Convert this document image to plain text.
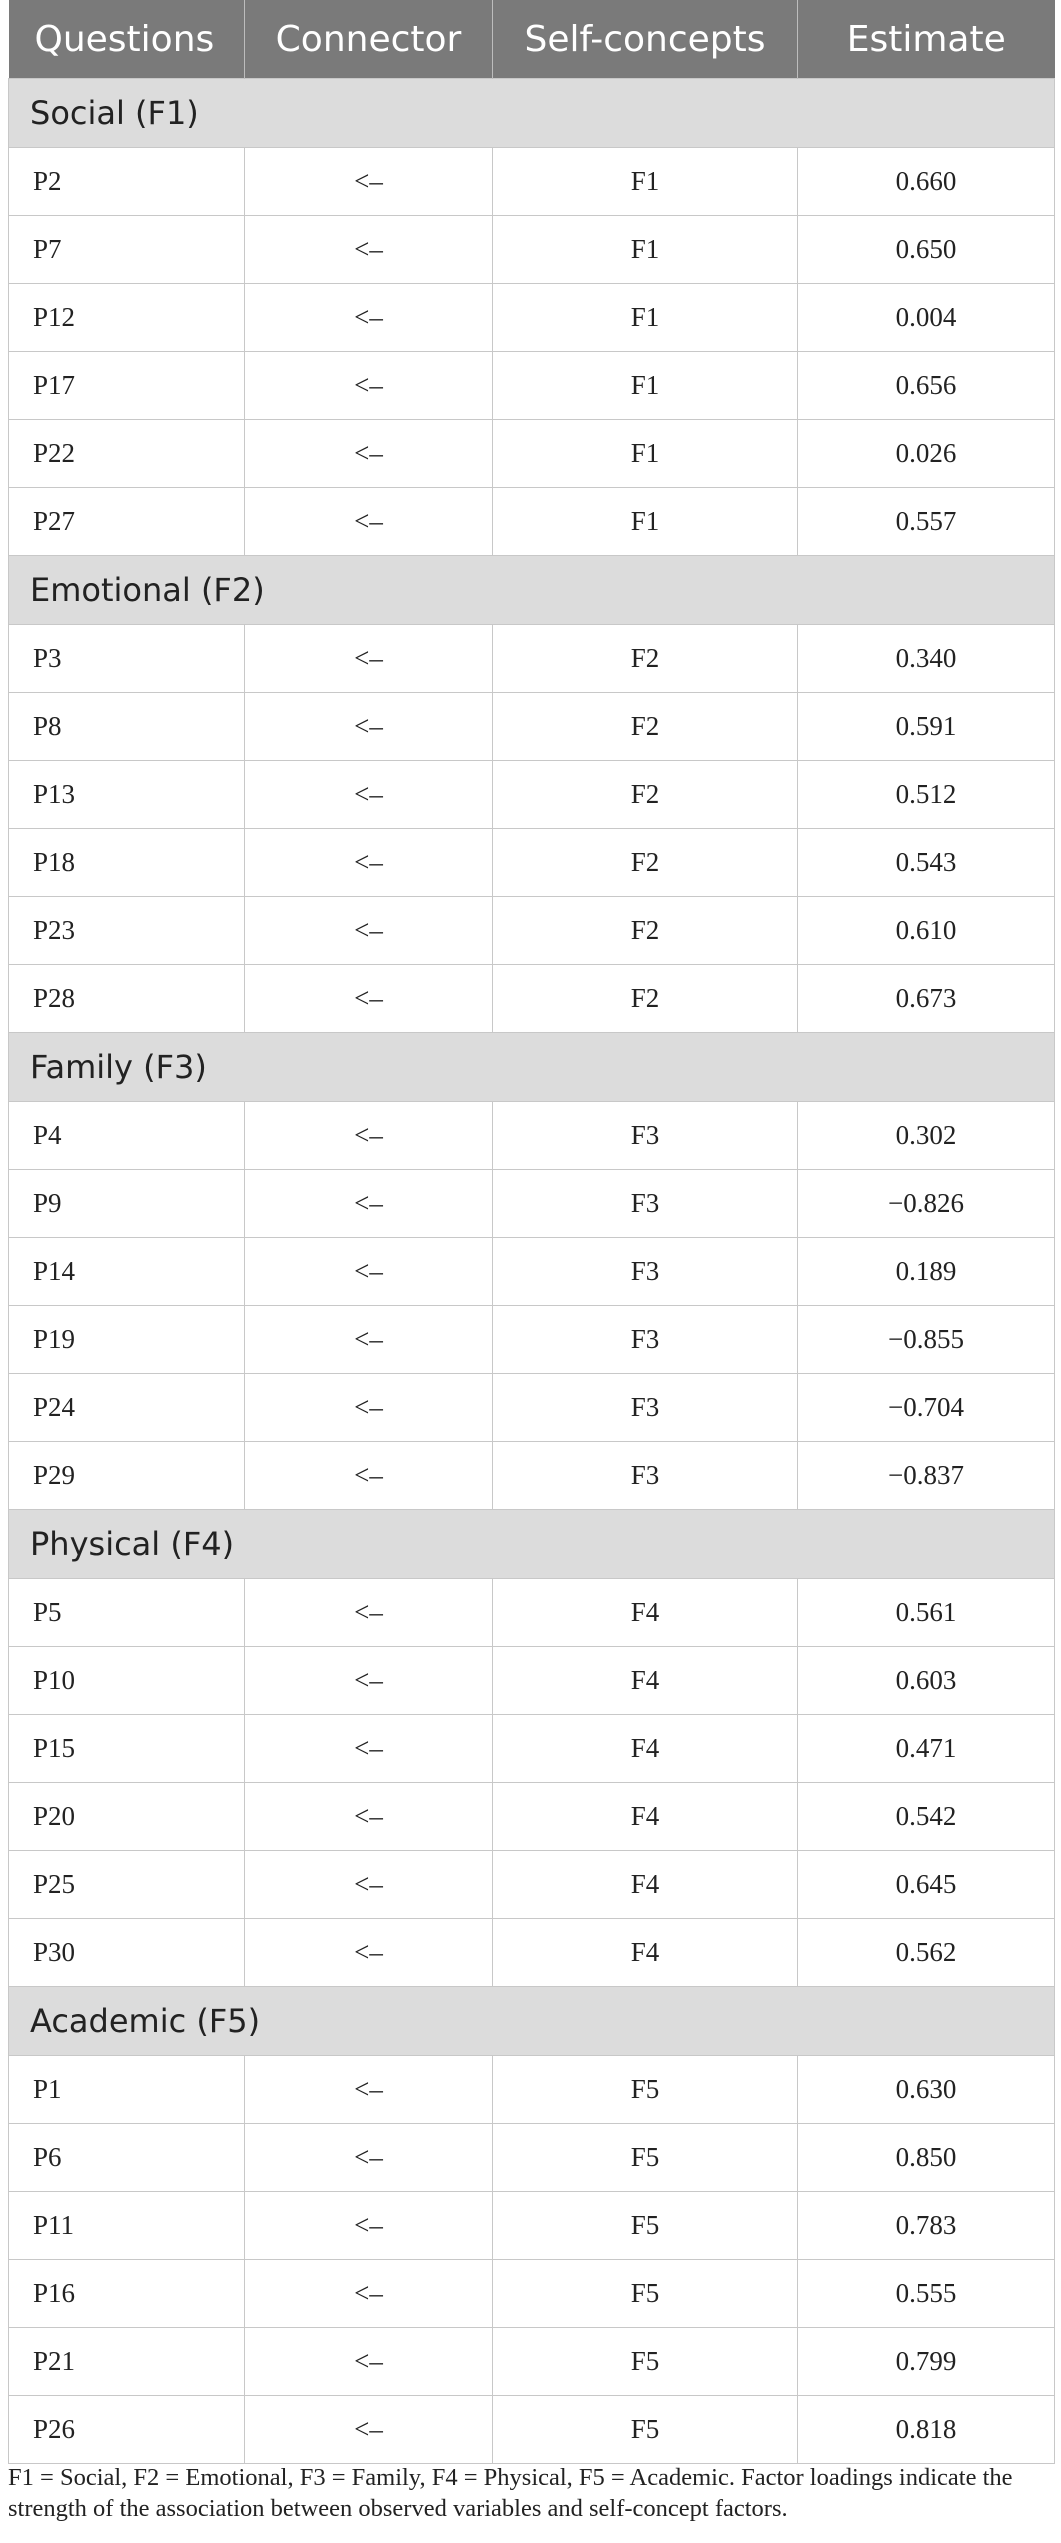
Questions	Connector	Self-concepts	Estimate
Social (F1)			
P2	<–	F1	0.660
P7	<–	F1	0.650
P12	<–	F1	0.004
P17	<–	F1	0.656
P22	<–	F1	0.026
P27	<–	F1	0.557
Emotional (F2)			
P3	<–	F2	0.340
P8	<–	F2	0.591
P13	<–	F2	0.512
P18	<–	F2	0.543
P23	<–	F2	0.610
P28	<–	F2	0.673
Family (F3)			
P4	<–	F3	0.302
P9	<–	F3	−0.826
P14	<–	F3	0.189
P19	<–	F3	−0.855
P24	<–	F3	−0.704
P29	<–	F3	−0.837
Physical (F4)			
P5	<–	F4	0.561
P10	<–	F4	0.603
P15	<–	F4	0.471
P20	<–	F4	0.542
P25	<–	F4	0.645
P30	<–	F4	0.562
Academic (F5)			
P1	<–	F5	0.630
P6	<–	F5	0.850
P11	<–	F5	0.783
P16	<–	F5	0.555
P21	<–	F5	0.799
P26	<–	F5	0.818
F1 = Social, F2 = Emotional, F3 = Family, F4 = Physical, F5 = Academic. Factor loadings indicate the strength of the association between observed variables and self-concept factors.
